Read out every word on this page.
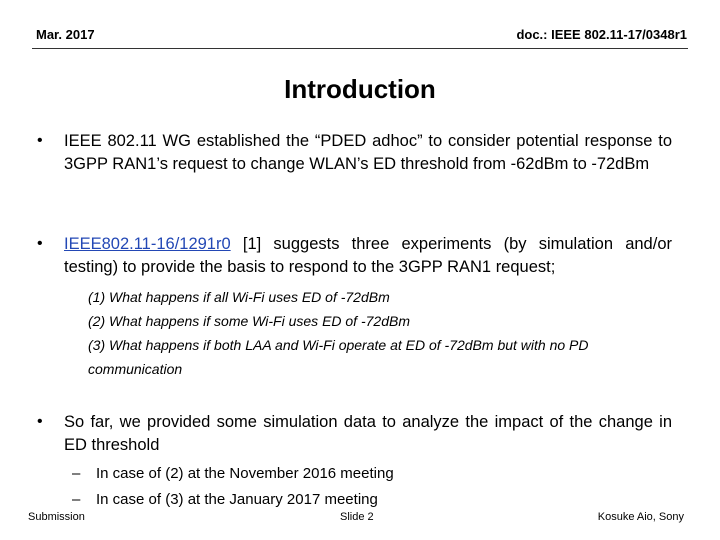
Mar. 2017	doc.: IEEE 802.11-17/0348r1
Introduction
• IEEE 802.11 WG established the “PDED adhoc” to consider potential response to 3GPP RAN1’s request to change WLAN’s ED threshold from -62dBm to -72dBm
• IEEE802.11-16/1291r0 [1] suggests three experiments (by simulation and/or testing) to provide the basis to respond to the 3GPP RAN1 request;
(1) What happens if all Wi-Fi uses ED of -72dBm
(2) What happens if some Wi-Fi uses ED of -72dBm
(3) What happens if both LAA and Wi-Fi operate at ED of -72dBm but with no PD communication
• So far, we provided some simulation data to analyze the impact of the change in ED threshold
– In case of (2) at the November 2016 meeting
– In case of (3) at the January 2017 meeting
Submission	Slide 2	Kosuke Aio, Sony
